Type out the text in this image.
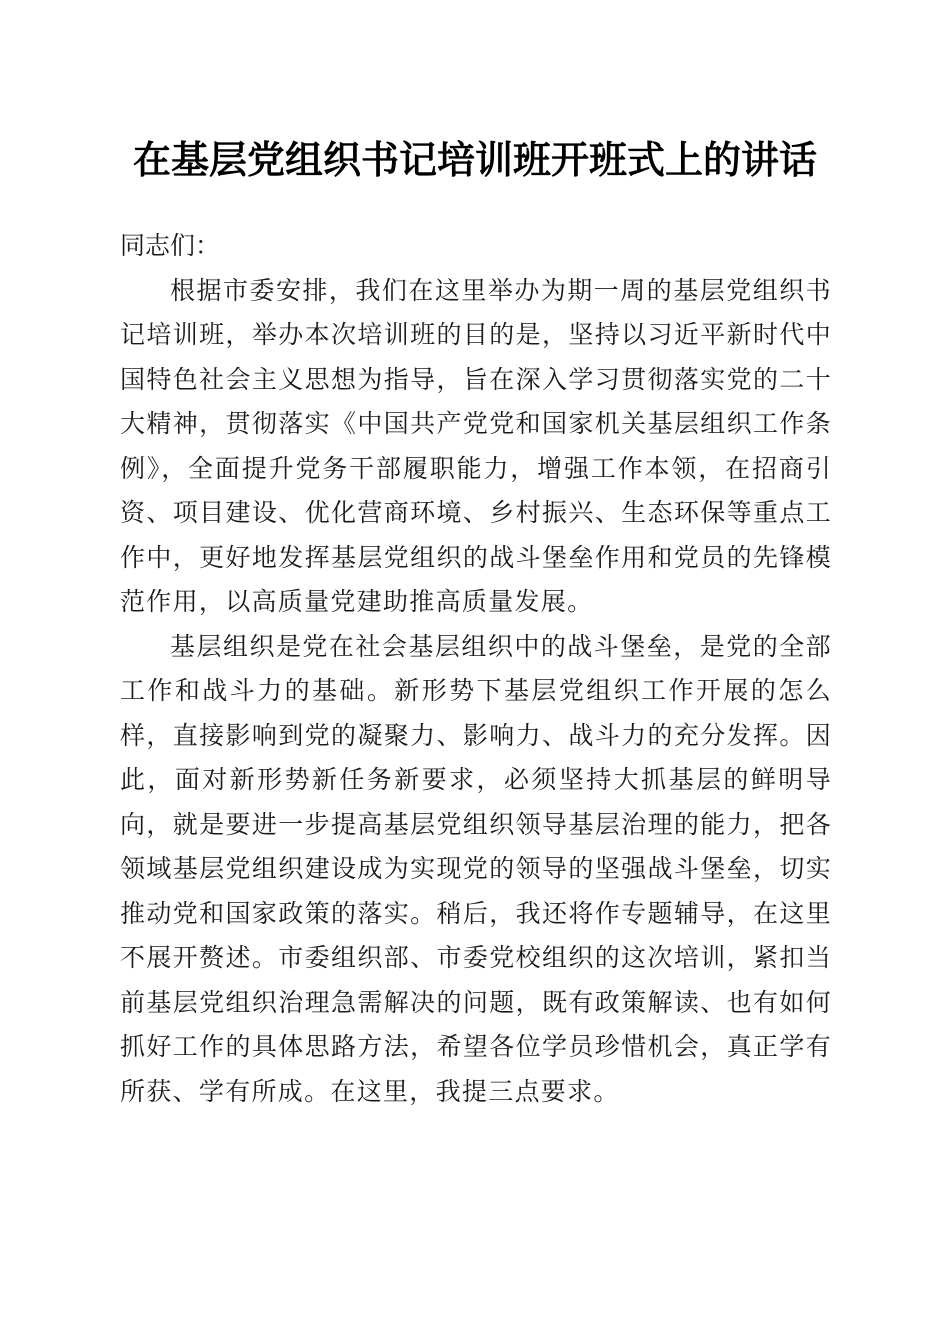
在基层党组织书记培训班开班式上的讲话

同志们：

根据市委安排，我们在这里举办为期一周的基层党组织书记培训班，举办本次培训班的目的是，坚持以习近平新时代中国特色社会主义思想为指导，旨在深入学习贯彻落实党的二十大精神，贯彻落实《中国共产党党和国家机关基层组织工作条例》，全面提升党务干部履职能力，增强工作本领，在招商引资、项目建设、优化营商环境、乡村振兴、生态环保等重点工作中，更好地发挥基层党组织的战斗堡垒作用和党员的先锋模范作用，以高质量党建助推高质量发展。

基层组织是党在社会基层组织中的战斗堡垒，是党的全部工作和战斗力的基础。新形势下基层党组织工作开展的怎么样，直接影响到党的凝聚力、影响力、战斗力的充分发挥。因此，面对新形势新任务新要求，必须坚持大抓基层的鲜明导向，就是要进一步提高基层党组织领导基层治理的能力，把各领域基层党组织建设成为实现党的领导的坚强战斗堡垒，切实推动党和国家政策的落实。稍后，我还将作专题辅导，在这里不展开赘述。市委组织部、市委党校组织的这次培训，紧扣当前基层党组织治理急需解决的问题，既有政策解读、也有如何抓好工作的具体思路方法，希望各位学员珍惜机会，真正学有所获、学有所成。在这里，我提三点要求。
